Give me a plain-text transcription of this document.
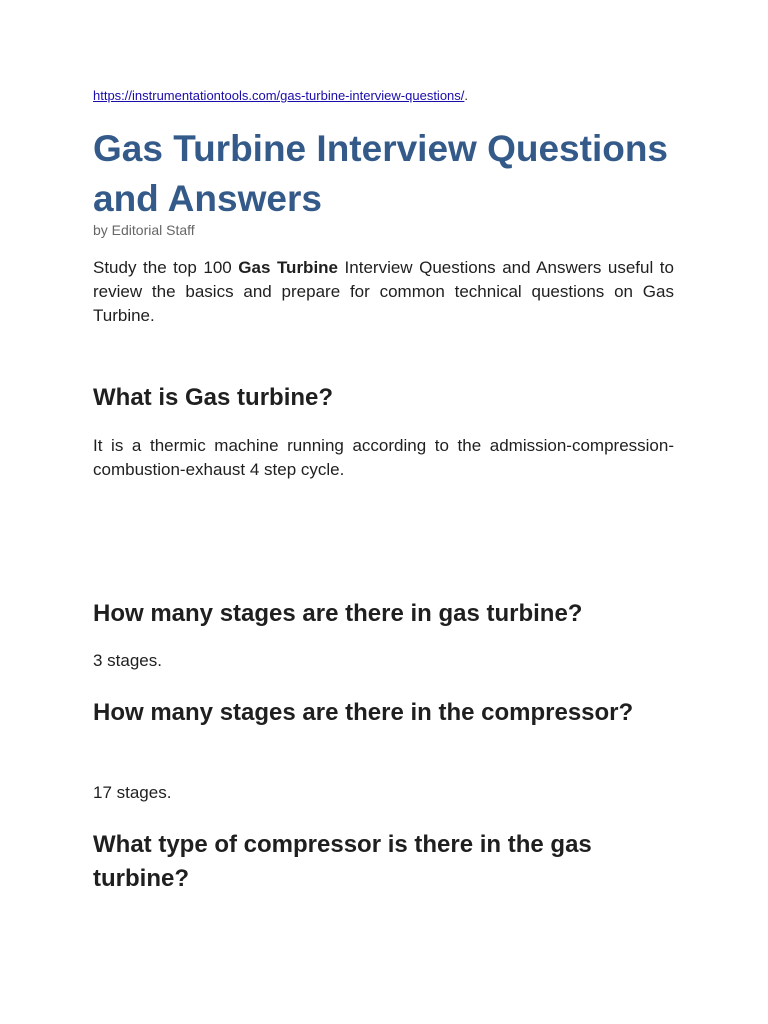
https://instrumentationtools.com/gas-turbine-interview-questions/.
Gas Turbine Interview Questions and Answers
by Editorial Staff

Study the top 100 Gas Turbine Interview Questions and Answers useful to review the basics and prepare for common technical questions on Gas Turbine.

What is Gas turbine?

It is a thermic machine running according to the admission-compression-combustion-exhaust 4 step cycle.

How many stages are there in gas turbine?

3 stages.

How many stages are there in the compressor?

17 stages.

What type of compressor is there in the gas turbine?
